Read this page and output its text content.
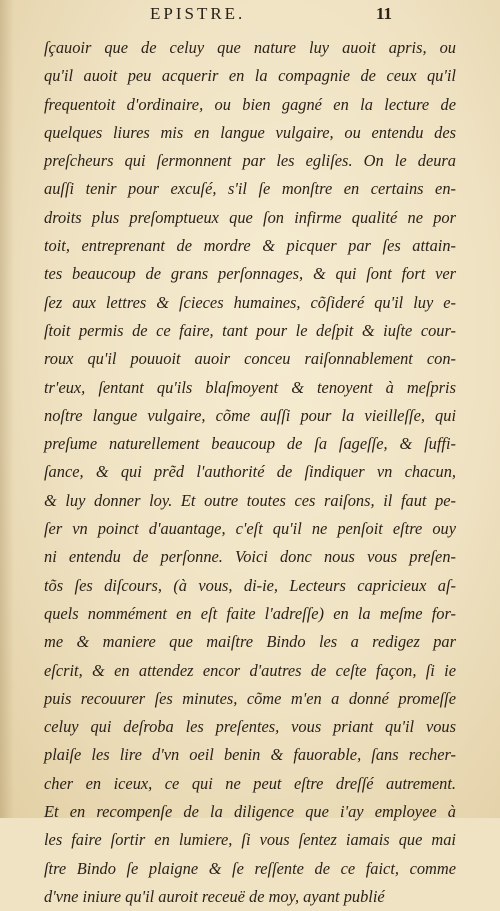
EPISTRE.	11
ſçauoir que de celuy que nature luy auoit apris, ou
qu'il auoit peu acquerir en la compagnie de ceux qu'il
frequentoit d'ordinaire, ou bien gagné en la lecture de
quelques liures mis en langue vulgaire, ou entendu des
preſcheurs qui ſermonnent par les egliſes. On le deura
auſſi tenir pour excuſé, s'il ſe monſtre en certains en-
droits plus preſomptueux que ſon infirme qualité ne por
toit, entreprenant de mordre & picquer par ſes attain-
tes beaucoup de grans perſonnages, & qui ſont fort ver
ſez aux lettres & ſcieces humaines, cõſideré qu'il luy e-
ſtoit permis de ce faire, tant pour le deſpit & iuſte cour-
roux qu'il pouuoit auoir conceu raiſonnablement con-
tr'eux, ſentant qu'ils blaſmoyent & tenoyent à meſpris
noſtre langue vulgaire, cõme auſſi pour la vieilleſſe, qui
preſume naturellement beaucoup de ſa ſageſſe, & ſuffi-
ſance, & qui prẽd l'authorité de ſindiquer vn chacun,
& luy donner loy. Et outre toutes ces raiſons, il faut pe-
ſer vn poinct d'auantage, c'eſt qu'il ne penſoit eſtre ouy
ni entendu de perſonne. Voici donc nous vous preſen-
tõs ſes diſcours, (à vous, di-ie, Lecteurs capricieux aſ-
quels nommément en eſt faite l'adreſſe) en la meſme for-
me & maniere que maiſtre Bindo les a redigez par
eſcrit, & en attendez encor d'autres de ceſte façon, ſi ie
puis recouurer ſes minutes, cõme m'en a donné promeſſe
celuy qui deſroba les preſentes, vous priant qu'il vous
plaiſe les lire d'vn oeil benin & fauorable, ſans recher-
cher en iceux, ce qui ne peut eſtre dreſſé autrement.
Et en recompenſe de la diligence que i'ay employee à
les faire ſortir en lumiere, ſi vous ſentez iamais que mai
ſtre Bindo ſe plaigne & ſe reſſente de ce faict, comme
d'vne iniure qu'il auroit receuë de moy, ayant publié
